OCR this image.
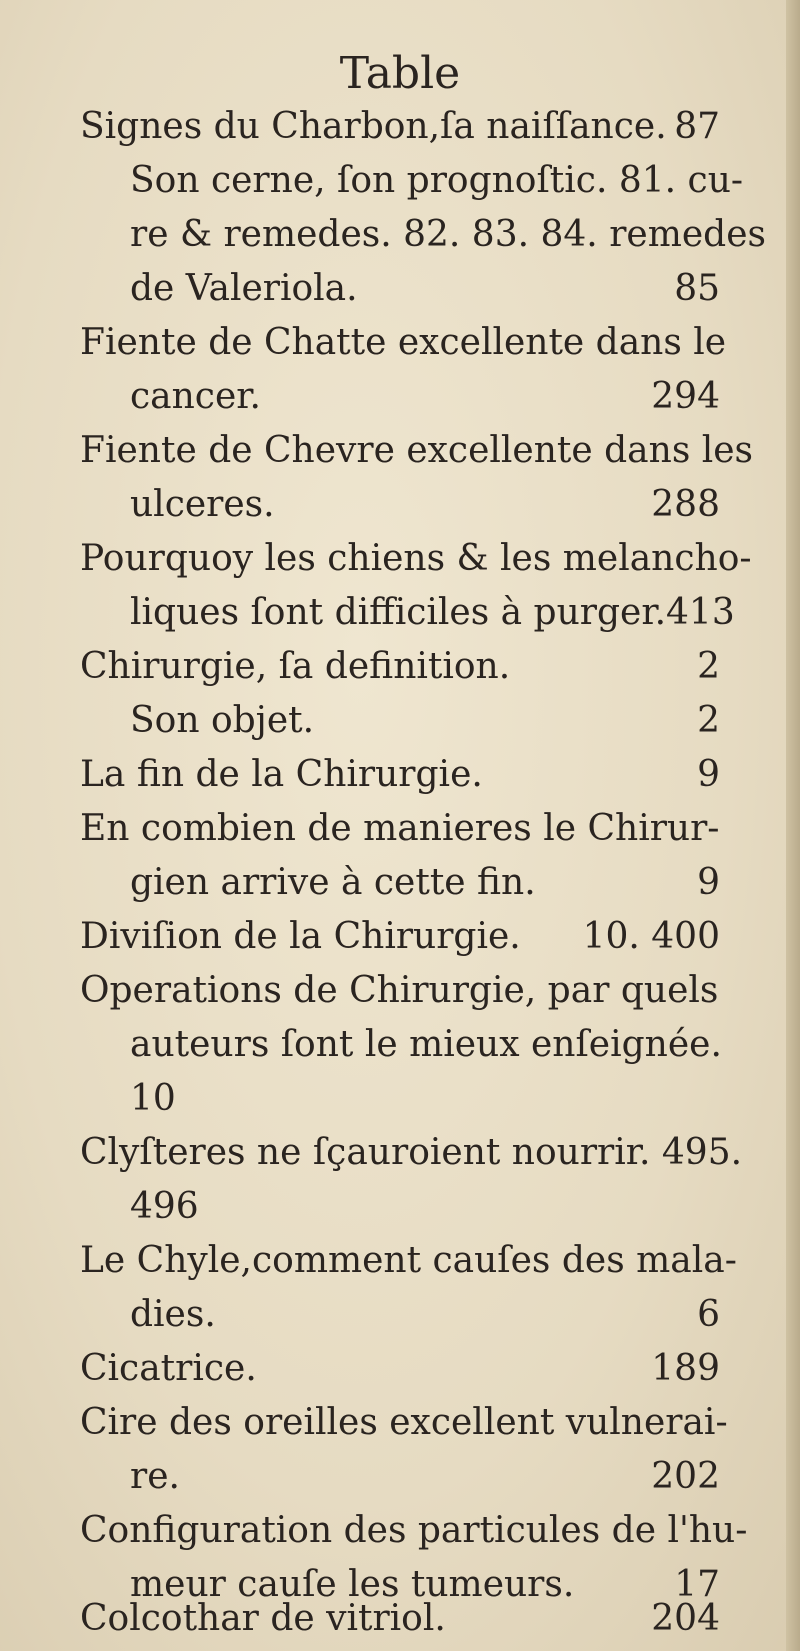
Table
Signes du Charbon,ſa naiſſance. 87
Son cerne, ſon prognoſtic. 81. cu-
re & remedes. 82. 83. 84. remedes
de Valeriola.	85
Fiente de Chatte excellente dans le
cancer.	294
Fiente de Chevre excellente dans les
ulceres.	288
Pourquoy les chiens & les melancho-
liques ſont difficiles à purger. 413
Chirurgie, ſa definition.	2
Son objet.	2
La fin de la Chirurgie.	9
En combien de manieres le Chirur-
gien arrive à cette fin.	9
Diviſion de la Chirurgie. 10. 400
Operations de Chirurgie, par quels
auteurs ſont le mieux enſeignée.
10
Clyſteres ne ſçauroient nourrir. 495.
496
Le Chyle,comment cauſes des mala-
dies.	6
Cicatrice.	189
Cire des oreilles excellent vulnerai-
re.	202
Configuration des particules de l'hu-
meur cauſe les tumeurs.	17
Colcothar de vitriol.	204
